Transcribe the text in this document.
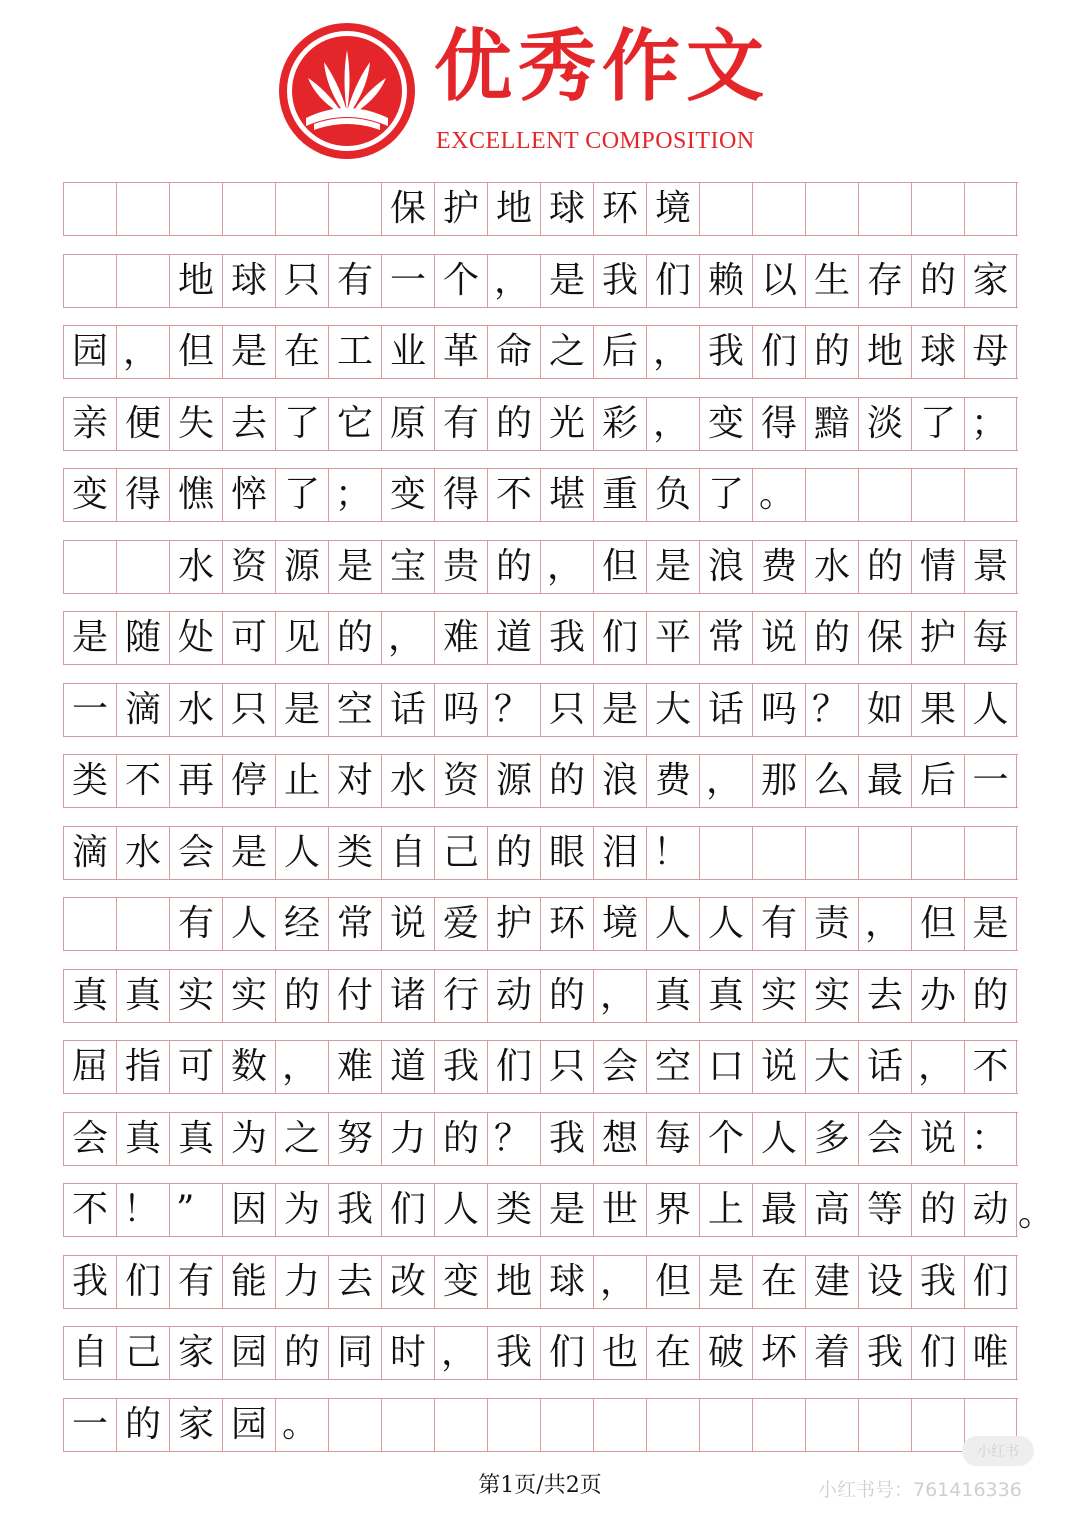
优秀作文
EXCELLENT COMPOSITION
保 护 地 球 环 境
地 球 只 有 一 个 ， 是 我 们 赖 以 生 存 的 家
园 ， 但 是 在 工 业 革 命 之 后 ， 我 们 的 地 球 母
亲 便 失 去 了 它 原 有 的 光 彩 ， 变 得 黯 淡 了 ；
变 得 憔 悴 了 ； 变 得 不 堪 重 负 了 。
水 资 源 是 宝 贵 的 ， 但 是 浪 费 水 的 情 景
是 随 处 可 见 的 ， 难 道 我 们 平 常 说 的 保 护 每
一 滴 水 只 是 空 话 吗 ？ 只 是 大 话 吗 ？ 如 果 人
类 不 再 停 止 对 水 资 源 的 浪 费 ， 那 么 最 后 一
滴 水 会 是 人 类 自 己 的 眼 泪 ！
有 人 经 常 说 爱 护 环 境 人 人 有 责 ， 但 是
真 真 实 实 的 付 诸 行 动 的 ， 真 真 实 实 去 办 的
屈 指 可 数 ， 难 道 我 们 只 会 空 口 说 大 话 ， 不
会 真 真 为 之 努 力 的 ？ 我 想 每 个 人 多 会 说 ：
不 ！ ”	因 为 我 们 人 类 是 世 界 上 最 高 等 的 动 。
我 们 有 能 力 去 改 变 地 球 ， 但 是 在 建 设 我 们
自 己 家 园 的 同 时 ， 我 们 也 在 破 坏 着 我 们 唯
一 的 家 园 。
第1页/共2页
小红书
小红书号：761416336
